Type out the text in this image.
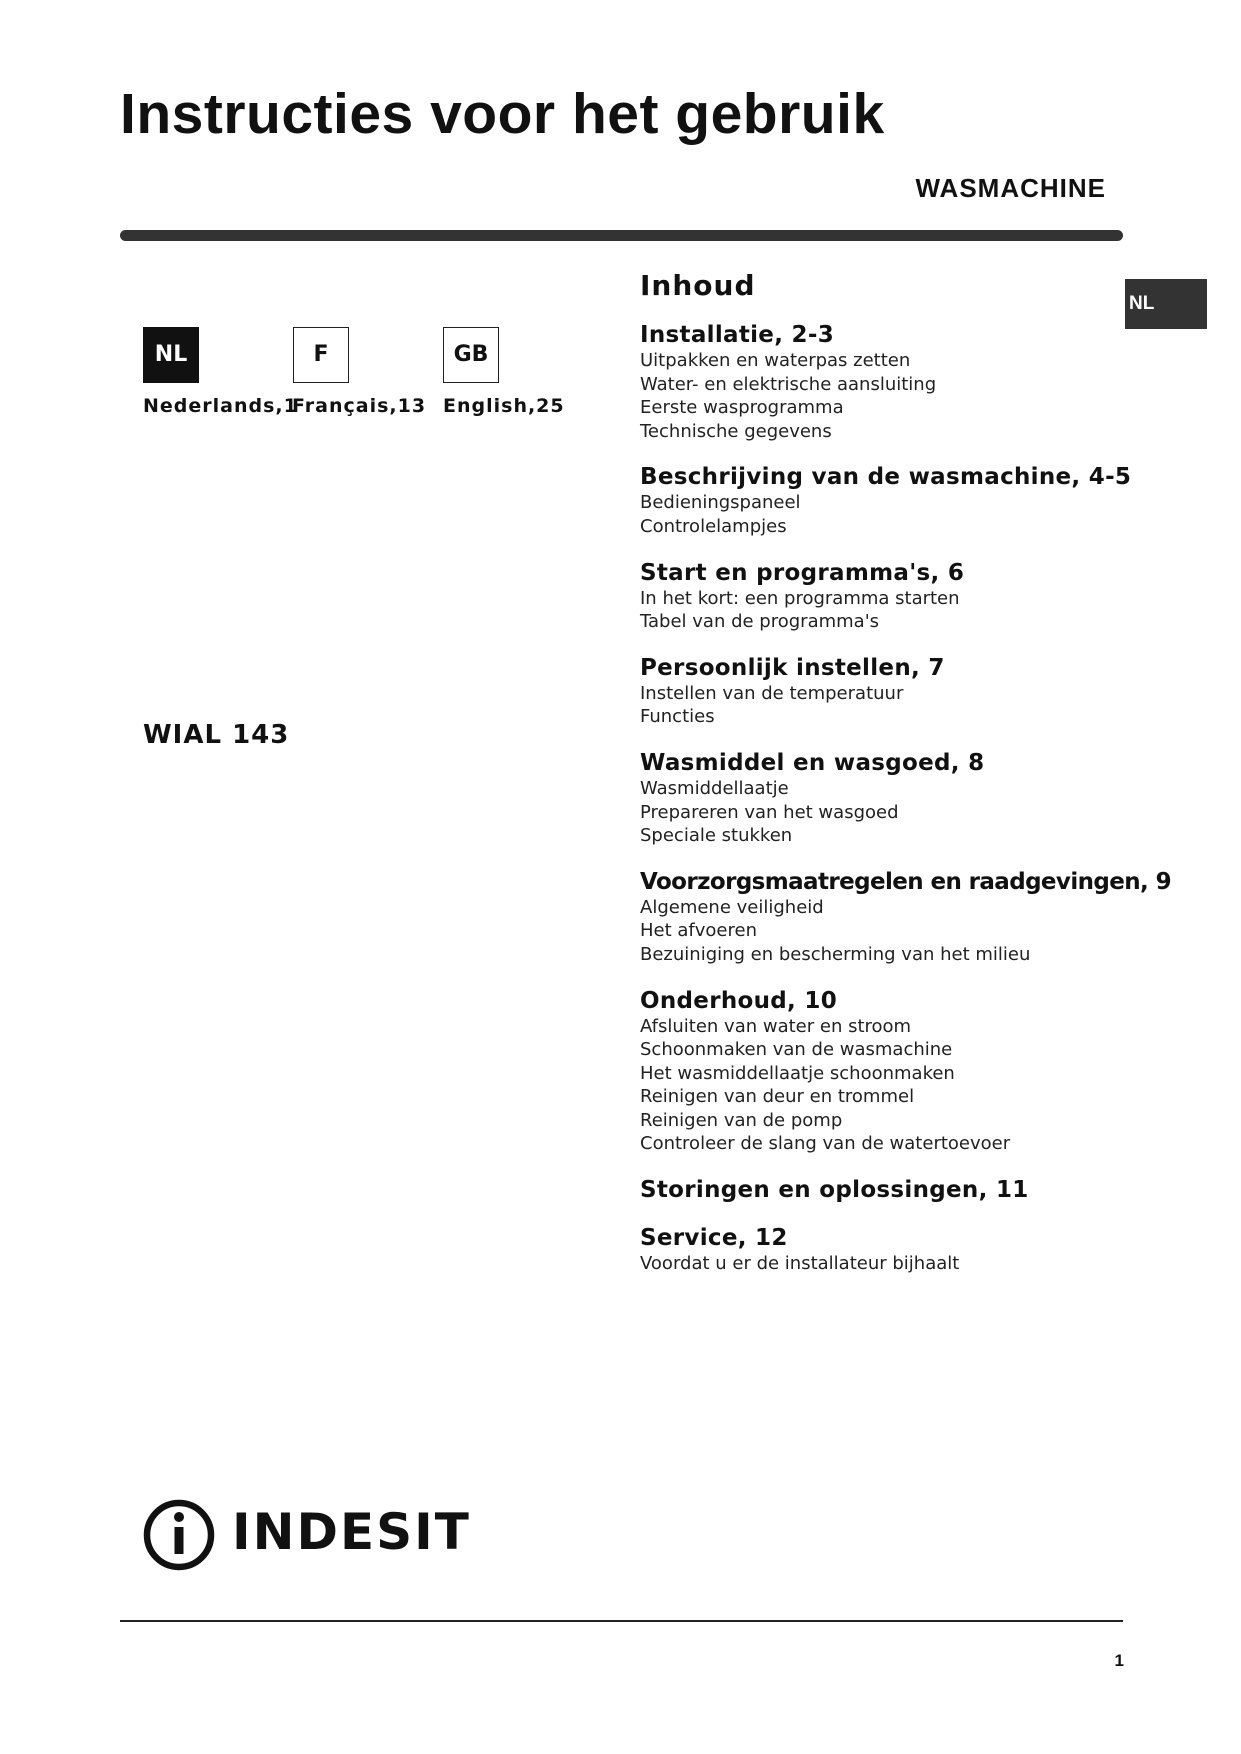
Instructies voor het gebruik
WASMACHINE
NL
NL	F	GB
Nederlands,1
Français,13 English,25
WIAL 143
Inhoud
Installatie, 2-3
Uitpakken en waterpas zetten
Water- en elektrische aansluiting
Eerste wasprogramma
Technische gegevens
Beschrijving van de wasmachine, 4-5
Bedieningspaneel
Controlelampjes
Start en programma's, 6
In het kort: een programma starten
Tabel van de programma's
Persoonlijk instellen, 7
Instellen van de temperatuur
Functies
Wasmiddel en wasgoed, 8
Wasmiddellaatje
Prepareren van het wasgoed
Speciale stukken
Voorzorgsmaatregelen en raadgevingen, 9
Algemene veiligheid
Het afvoeren
Bezuiniging en bescherming van het milieu
Onderhoud, 10
Afsluiten van water en stroom
Schoonmaken van de wasmachine
Het wasmiddellaatje schoonmaken
Reinigen van deur en trommel
Reinigen van de pomp
Controleer de slang van de watertoevoer
Storingen en oplossingen, 11
Service, 12
Voordat u er de installateur bijhaalt
INDESIT
1
